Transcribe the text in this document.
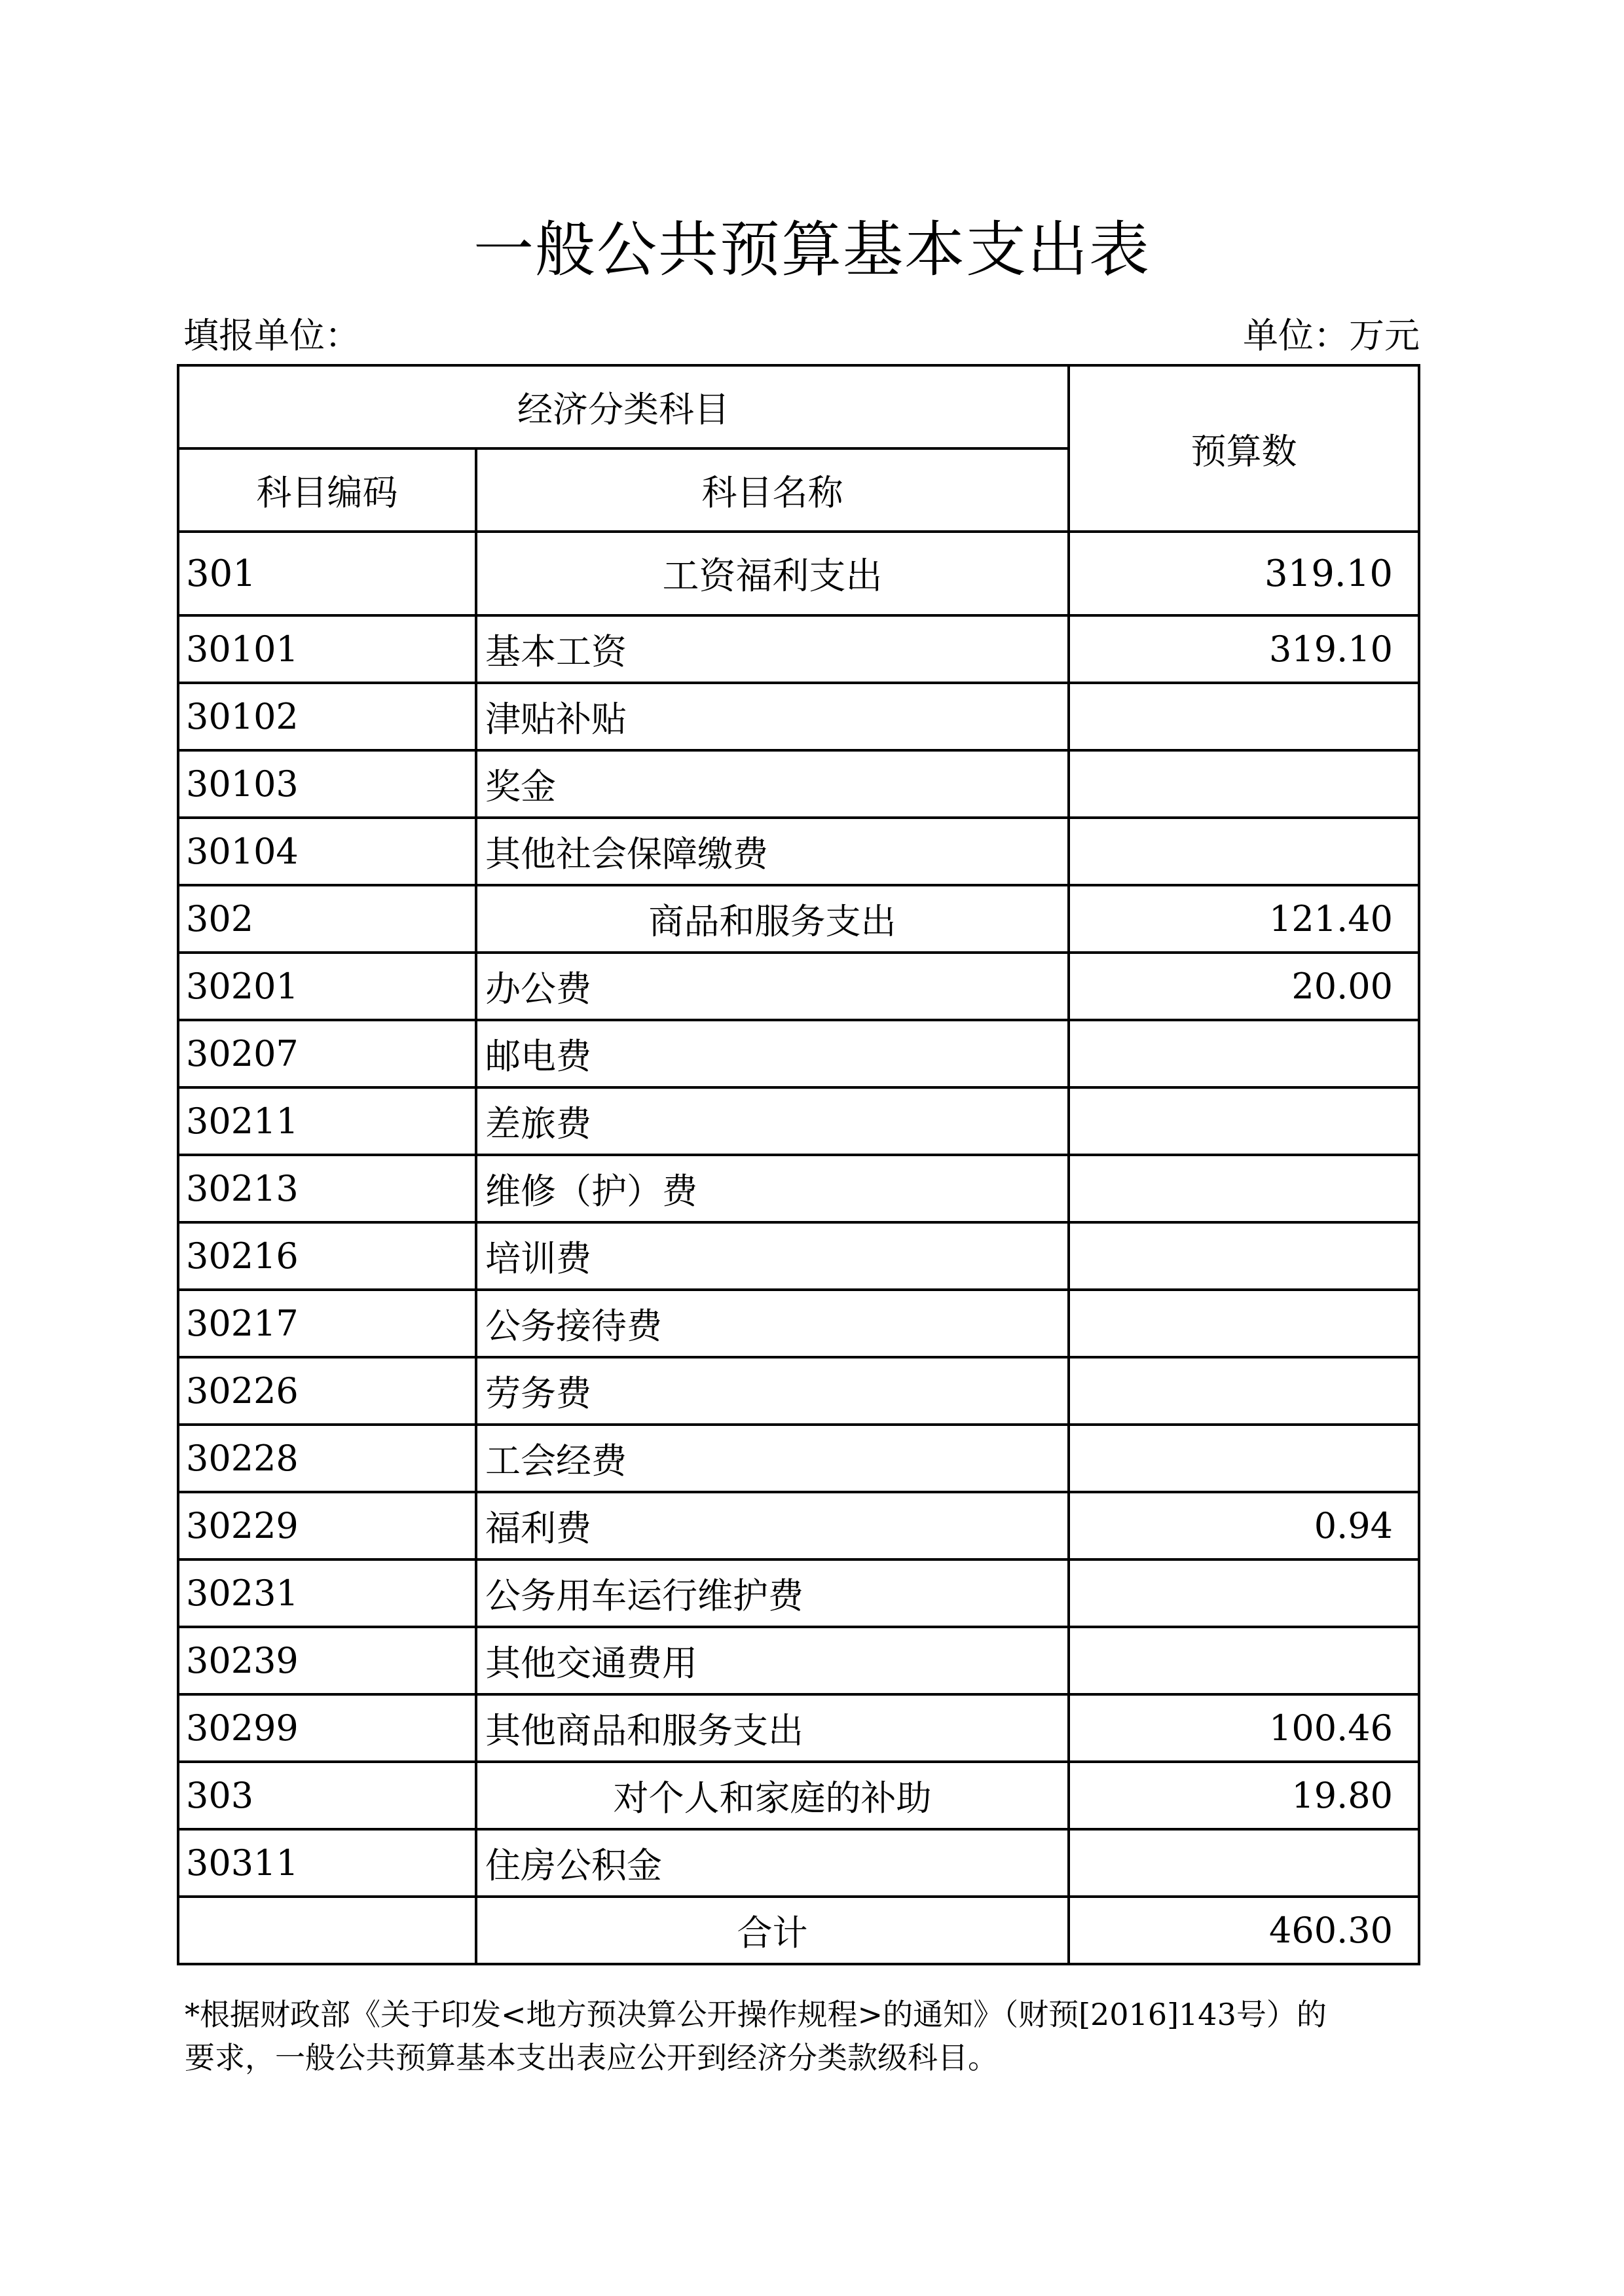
一般公共预算基本支出表
填报单位：	单位：万元
经济分类科目		预算数
科目编码	科目名称	
301	工资福利支出	319.10
30101	基本工资	319.10
30102	津贴补贴	
30103	奖金	
30104	其他社会保障缴费	
302	商品和服务支出	121.40
30201	办公费	20.00
30207	邮电费	
30211	差旅费	
30213	维修（护）费	
30216	培训费	
30217	公务接待费	
30226	劳务费	
30228	工会经费	
30229	福利费	0.94
30231	公务用车运行维护费	
30239	其他交通费用	
30299	其他商品和服务支出	100.46
303	对个人和家庭的补助	19.80
30311	住房公积金	
	合计	460.30
*根据财政部《关于印发<地方预决算公开操作规程>的通知》（财预[2016]143号）的
要求，一般公共预算基本支出表应公开到经济分类款级科目。
